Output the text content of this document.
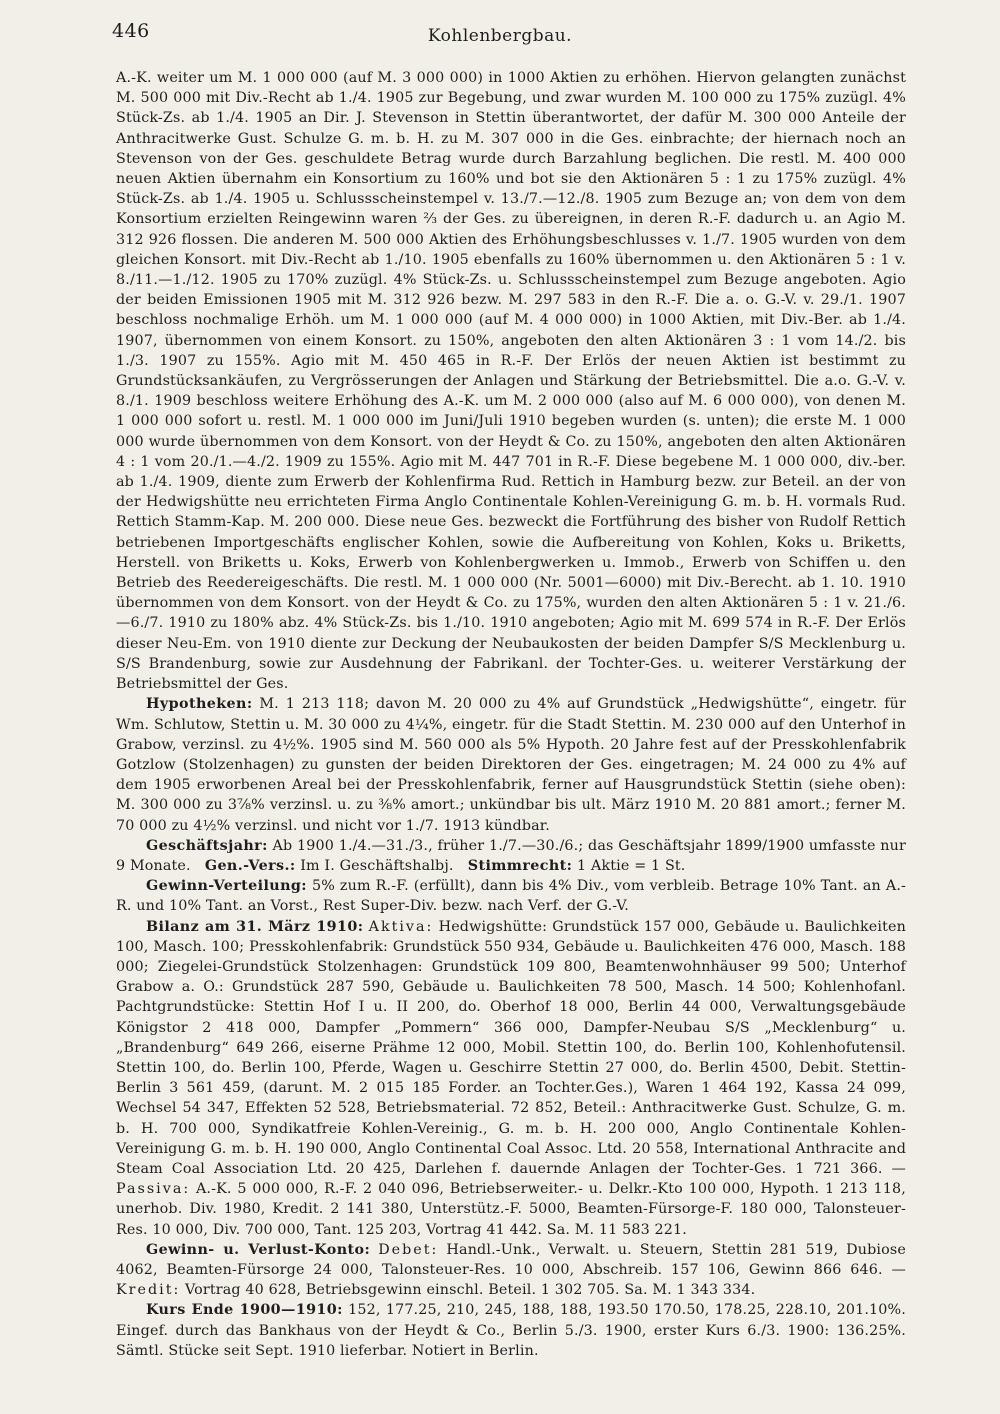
446	Kohlenbergbau.

A.-K. weiter um M. 1 000 000 (auf M. 3 000 000) in 1000 Aktien zu erhöhen. Hiervon gelangten zunächst M. 500 000 mit Div.-Recht ab 1./4. 1905 zur Begebung, und zwar wurden M. 100 000 zu 175% zuzügl. 4% Stück-Zs. ab 1./4. 1905 an Dir. J. Stevenson in Stettin überantwortet, der dafür M. 300 000 Anteile der Anthracitwerke Gust. Schulze G. m. b. H. zu M. 307 000 in die Ges. einbrachte; der hiernach noch an Stevenson von der Ges. geschuldete Betrag wurde durch Barzahlung beglichen. Die restl. M. 400 000 neuen Aktien übernahm ein Konsortium zu 160% und bot sie den Aktionären 5 : 1 zu 175% zuzügl. 4% Stück-Zs. ab 1./4. 1905 u. Schlussscheinstempel v. 13./7.—12./8. 1905 zum Bezuge an; von dem von dem Konsortium erzielten Reingewinn waren ⅔ der Ges. zu übereignen, in deren R.-F. dadurch u. an Agio M. 312 926 flossen. Die anderen M. 500 000 Aktien des Erhöhungsbeschlusses v. 1./7. 1905 wurden von dem gleichen Konsort. mit Div.-Recht ab 1./10. 1905 ebenfalls zu 160% übernommen u. den Aktionären 5 : 1 v. 8./11.—1./12. 1905 zu 170% zuzügl. 4% Stück-Zs. u. Schlussscheinstempel zum Bezuge angeboten. Agio der beiden Emissionen 1905 mit M. 312 926 bezw. M. 297 583 in den R.-F. Die a. o. G.-V. v. 29./1. 1907 beschloss nochmalige Erhöh. um M. 1 000 000 (auf M. 4 000 000) in 1000 Aktien, mit Div.-Ber. ab 1./4. 1907, übernommen von einem Konsort. zu 150%, angeboten den alten Aktionären 3 : 1 vom 14./2. bis 1./3. 1907 zu 155%. Agio mit M. 450 465 in R.-F. Der Erlös der neuen Aktien ist bestimmt zu Grundstücksankäufen, zu Vergrösserungen der Anlagen und Stärkung der Betriebsmittel. Die a.o. G.-V. v. 8./1. 1909 beschloss weitere Erhöhung des A.-K. um M. 2 000 000 (also auf M. 6 000 000), von denen M. 1 000 000 sofort u. restl. M. 1 000 000 im Juni/Juli 1910 begeben wurden (s. unten); die erste M. 1 000 000 wurde übernommen von dem Konsort. von der Heydt & Co. zu 150%, angeboten den alten Aktionären 4 : 1 vom 20./1.—4./2. 1909 zu 155%. Agio mit M. 447 701 in R.-F. Diese begebene M. 1 000 000, div.-ber. ab 1./4. 1909, diente zum Erwerb der Kohlenfirma Rud. Rettich in Hamburg bezw. zur Beteil. an der von der Hedwigshütte neu errichteten Firma Anglo Continentale Kohlen-Vereinigung G. m. b. H. vormals Rud. Rettich Stamm-Kap. M. 200 000. Diese neue Ges. bezweckt die Fortführung des bisher von Rudolf Rettich betriebenen Importgeschäfts englischer Kohlen, sowie die Aufbereitung von Kohlen, Koks u. Briketts, Herstell. von Briketts u. Koks, Erwerb von Kohlenbergwerken u. Immob., Erwerb von Schiffen u. den Betrieb des Reedereigeschäfts. Die restl. M. 1 000 000 (Nr. 5001—6000) mit Div.-Berecht. ab 1. 10. 1910 übernommen von dem Konsort. von der Heydt & Co. zu 175%, wurden den alten Aktionären 5 : 1 v. 21./6.—6./7. 1910 zu 180% abz. 4% Stück-Zs. bis 1./10. 1910 angeboten; Agio mit M. 699 574 in R.-F. Der Erlös dieser Neu-Em. von 1910 diente zur Deckung der Neubaukosten der beiden Dampfer S/S Mecklenburg u. S/S Brandenburg, sowie zur Ausdehnung der Fabrikanl. der Tochter-Ges. u. weiterer Verstärkung der Betriebsmittel der Ges.

Hypotheken: M. 1 213 118; davon M. 20 000 zu 4% auf Grundstück „Hedwigshütte“, eingetr. für Wm. Schlutow, Stettin u. M. 30 000 zu 4¼%, eingetr. für die Stadt Stettin. M. 230 000 auf den Unterhof in Grabow, verzinsl. zu 4½%. 1905 sind M. 560 000 als 5% Hypoth. 20 Jahre fest auf der Presskohlenfabrik Gotzlow (Stolzenhagen) zu gunsten der beiden Direktoren der Ges. eingetragen; M. 24 000 zu 4% auf dem 1905 erworbenen Areal bei der Presskohlenfabrik, ferner auf Hausgrundstück Stettin (siehe oben): M. 300 000 zu 3⅞% verzinsl. u. zu ⅜% amort.; unkündbar bis ult. März 1910 M. 20 881 amort.; ferner M. 70 000 zu 4½% verzinsl. und nicht vor 1./7. 1913 kündbar.

Geschäftsjahr: Ab 1900 1./4.—31./3., früher 1./7.—30./6.; das Geschäftsjahr 1899/1900 umfasste nur 9 Monate. Gen.-Vers.: Im I. Geschäftshalbj. Stimmrecht: 1 Aktie = 1 St.

Gewinn-Verteilung: 5% zum R.-F. (erfüllt), dann bis 4% Div., vom verbleib. Betrage 10% Tant. an A.-R. und 10% Tant. an Vorst., Rest Super-Div. bezw. nach Verf. der G.-V.

Bilanz am 31. März 1910: Aktiva: Hedwigshütte: Grundstück 157 000, Gebäude u. Baulichkeiten 100, Masch. 100; Presskohlenfabrik: Grundstück 550 934, Gebäude u. Baulichkeiten 476 000, Masch. 188 000; Ziegelei-Grundstück Stolzenhagen: Grundstück 109 800, Beamtenwohnhäuser 99 500; Unterhof Grabow a. O.: Grundstück 287 590, Gebäude u. Baulichkeiten 78 500, Masch. 14 500; Kohlenhofanl. Pachtgrundstücke: Stettin Hof I u. II 200, do. Oberhof 18 000, Berlin 44 000, Verwaltungsgebäude Königstor 2 418 000, Dampfer „Pommern“ 366 000, Dampfer-Neubau S/S „Mecklenburg“ u. „Brandenburg“ 649 266, eiserne Prähme 12 000, Mobil. Stettin 100, do. Berlin 100, Kohlenhofutensil. Stettin 100, do. Berlin 100, Pferde, Wagen u. Geschirre Stettin 27 000, do. Berlin 4500, Debit. Stettin-Berlin 3 561 459, (darunt. M. 2 015 185 Forder. an Tochter.Ges.), Waren 1 464 192, Kassa 24 099, Wechsel 54 347, Effekten 52 528, Betriebsmaterial. 72 852, Beteil.: Anthracitwerke Gust. Schulze, G. m. b. H. 700 000, Syndikatfreie Kohlen-Vereinig., G. m. b. H. 200 000, Anglo Continentale Kohlen-Vereinigung G. m. b. H. 190 000, Anglo Continental Coal Assoc. Ltd. 20 558, International Anthracite and Steam Coal Association Ltd. 20 425, Darlehen f. dauernde Anlagen der Tochter-Ges. 1 721 366. — Passiva: A.-K. 5 000 000, R.-F. 2 040 096, Betriebserweiter.- u. Delkr.-Kto 100 000, Hypoth. 1 213 118, unerhob. Div. 1980, Kredit. 2 141 380, Unterstütz.-F. 5000, Beamten-Fürsorge-F. 180 000, Talonsteuer-Res. 10 000, Div. 700 000, Tant. 125 203, Vortrag 41 442. Sa. M. 11 583 221.

Gewinn- u. Verlust-Konto: Debet: Handl.-Unk., Verwalt. u. Steuern, Stettin 281 519, Dubiose 4062, Beamten-Fürsorge 24 000, Talonsteuer-Res. 10 000, Abschreib. 157 106, Gewinn 866 646. — Kredit: Vortrag 40 628, Betriebsgewinn einschl. Beteil. 1 302 705. Sa. M. 1 343 334.

Kurs Ende 1900—1910: 152, 177.25, 210, 245, 188, 188, 193.50 170.50, 178.25, 228.10, 201.10%. Eingef. durch das Bankhaus von der Heydt & Co., Berlin 5./3. 1900, erster Kurs 6./3. 1900: 136.25%. Sämtl. Stücke seit Sept. 1910 lieferbar. Notiert in Berlin.
